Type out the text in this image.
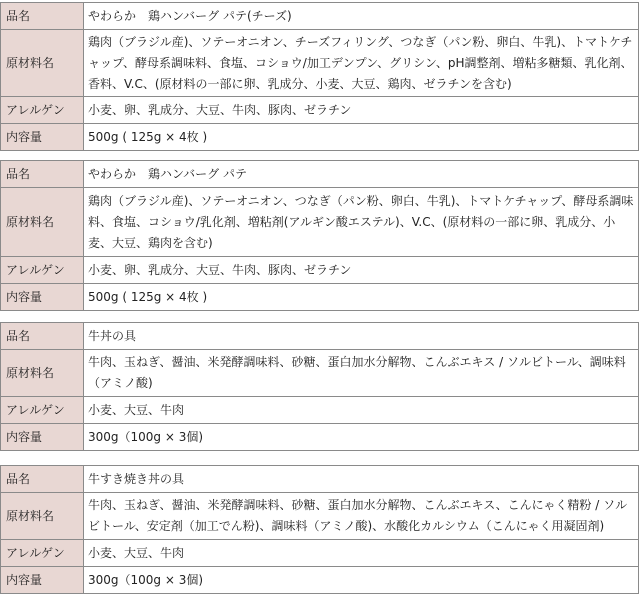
品名	やわらか　鶏ハンバーグ パテ(チーズ)
原材料名	鶏肉（ブラジル産)、ソテーオニオン、チーズフィリング、つなぎ（パン粉、卵白、牛乳)、トマトケチャップ、酵母系調味料、食塩、コショウ/加工デンプン、グリシン、pH調整剤、増粘多糖類、乳化剤、香料、V.C、(原材料の一部に卵、乳成分、小麦、大豆、鶏肉、ゼラチンを含む)
アレルゲン	小麦、卵、乳成分、大豆、牛肉、豚肉、ゼラチン
内容量	500g ( 125g × 4枚 )
品名	やわらか　鶏ハンバーグ パテ
原材料名	鶏肉（ブラジル産)、ソテーオニオン、つなぎ（パン粉、卵白、牛乳)、トマトケチャップ、酵母系調味料、食塩、コショウ/乳化剤、増粘剤(アルギン酸エステル)、V.C、(原材料の一部に卵、乳成分、小麦、大豆、鶏肉を含む)
アレルゲン	小麦、卵、乳成分、大豆、牛肉、豚肉、ゼラチン
内容量	500g ( 125g × 4枚 )
品名	牛丼の具
原材料名	牛肉、玉ねぎ、醤油、米発酵調味料、砂糖、蛋白加水分解物、こんぶエキス / ソルビトール、調味料（アミノ酸)
アレルゲン	小麦、大豆、牛肉
内容量	300g（100g × 3個)
品名	牛すき焼き丼の具
原材料名	牛肉、玉ねぎ、醤油、米発酵調味料、砂糖、蛋白加水分解物、こんぶエキス、こんにゃく精粉 / ソルビトール、安定剤（加工でん粉)、調味料（アミノ酸)、水酸化カルシウム（こんにゃく用凝固剤)
アレルゲン	小麦、大豆、牛肉
内容量	300g（100g × 3個)
